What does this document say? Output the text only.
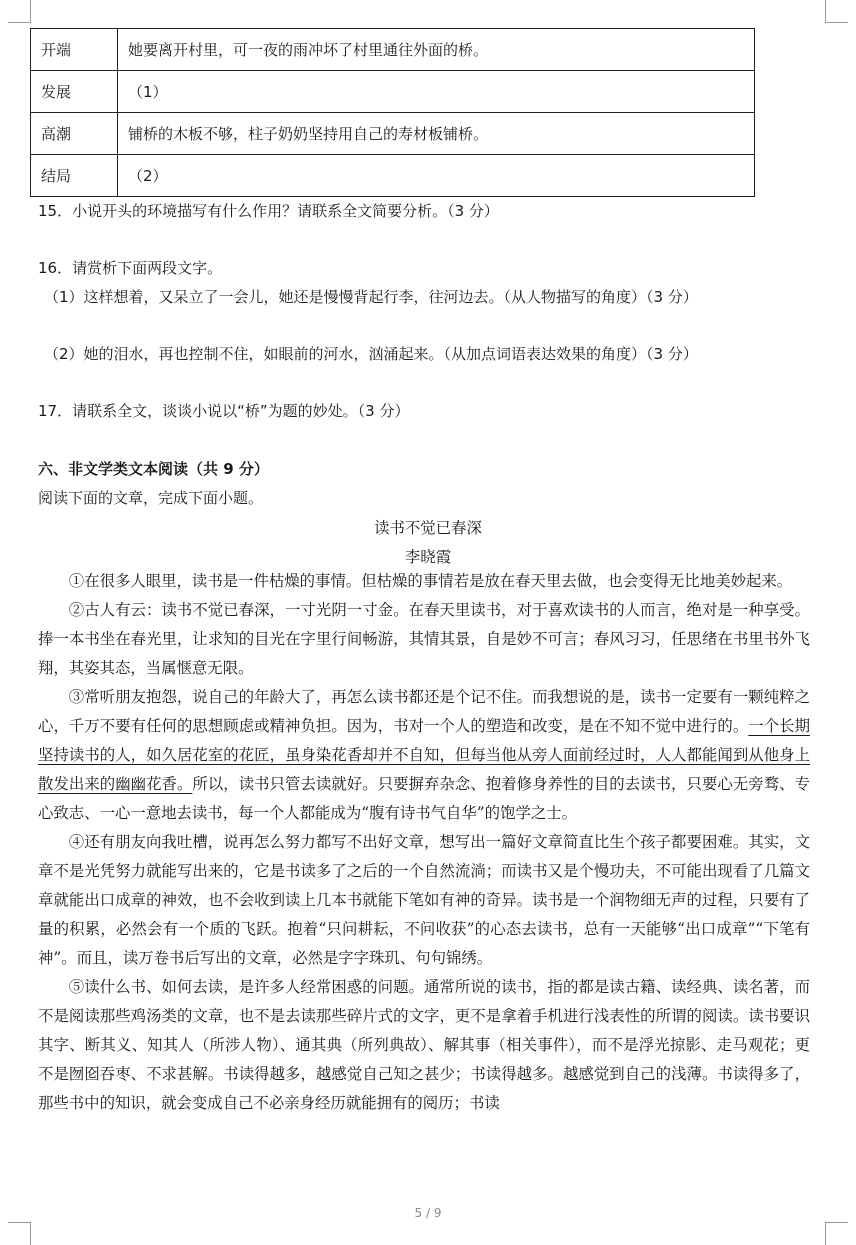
开端	她要离开村里，可一夜的雨冲坏了村里通往外面的桥。
发展	（1）
高潮	铺桥的木板不够，柱子奶奶坚持用自己的寿材板铺桥。
结局	（2）
15．小说开头的环境描写有什么作用？请联系全文简要分析。（3 分）
16．请赏析下面两段文字。
（1）这样想着，又呆立了一会儿，她还是慢慢背起行李，往河边去。（从人物描写的角度）（3 分）
（2）她的泪水，再也控制不住，如眼前的河水，汹涌起来。（从加点词语表达效果的角度）（3 分）
17．请联系全文，谈谈小说以“桥”为题的妙处。（3 分）
六、非文学类文本阅读（共 9 分）
阅读下面的文章，完成下面小题。
读书不觉已春深
李晓霞

①在很多人眼里，读书是一件枯燥的事情。但枯燥的事情若是放在春天里去做，也会变得无比地美妙起来。

②古人有云：读书不觉已春深，一寸光阴一寸金。在春天里读书，对于喜欢读书的人而言，绝对是一种享受。捧一本书坐在春光里，让求知的目光在字里行间畅游，其情其景，自是妙不可言；春风习习，任思绪在书里书外飞翔，其姿其态，当属惬意无限。

③常听朋友抱怨，说自己的年龄大了，再怎么读书都还是个记不住。而我想说的是，读书一定要有一颗纯粹之心，千万不要有任何的思想顾虑或精神负担。因为，书对一个人的塑造和改变，是在不知不觉中进行的。一个长期坚持读书的人，如久居花室的花匠，虽身染花香却并不自知，但每当他从旁人面前经过时，人人都能闻到从他身上散发出来的幽幽花香。所以，读书只管去读就好。只要摒弃杂念、抱着修身养性的目的去读书，只要心无旁骛、专心致志、一心一意地去读书，每一个人都能成为“腹有诗书气自华”的饱学之士。

④还有朋友向我吐槽，说再怎么努力都写不出好文章，想写出一篇好文章简直比生个孩子都要困难。其实，文章不是光凭努力就能写出来的，它是书读多了之后的一个自然流淌；而读书又是个慢功夫，不可能出现看了几篇文章就能出口成章的神效，也不会收到读上几本书就能下笔如有神的奇异。读书是一个润物细无声的过程，只要有了量的积累，必然会有一个质的飞跃。抱着“只问耕耘，不问收获”的心态去读书，总有一天能够“出口成章”“下笔有神”。而且，读万卷书后写出的文章，必然是字字珠玑、句句锦绣。

⑤读什么书、如何去读，是许多人经常困惑的问题。通常所说的读书，指的都是读古籍、读经典、读名著，而不是阅读那些鸡汤类的文章，也不是去读那些碎片式的文字，更不是拿着手机进行浅表性的所谓的阅读。读书要识其字、断其义、知其人（所涉人物）、通其典（所列典故）、解其事（相关事件），而不是浮光掠影、走马观花；更不是囫囵吞枣、不求甚解。书读得越多，越感觉自己知之甚少；书读得越多。越感觉到自己的浅薄。书读得多了，那些书中的知识，就会变成自己不必亲身经历就能拥有的阅历；书读

5 / 9
